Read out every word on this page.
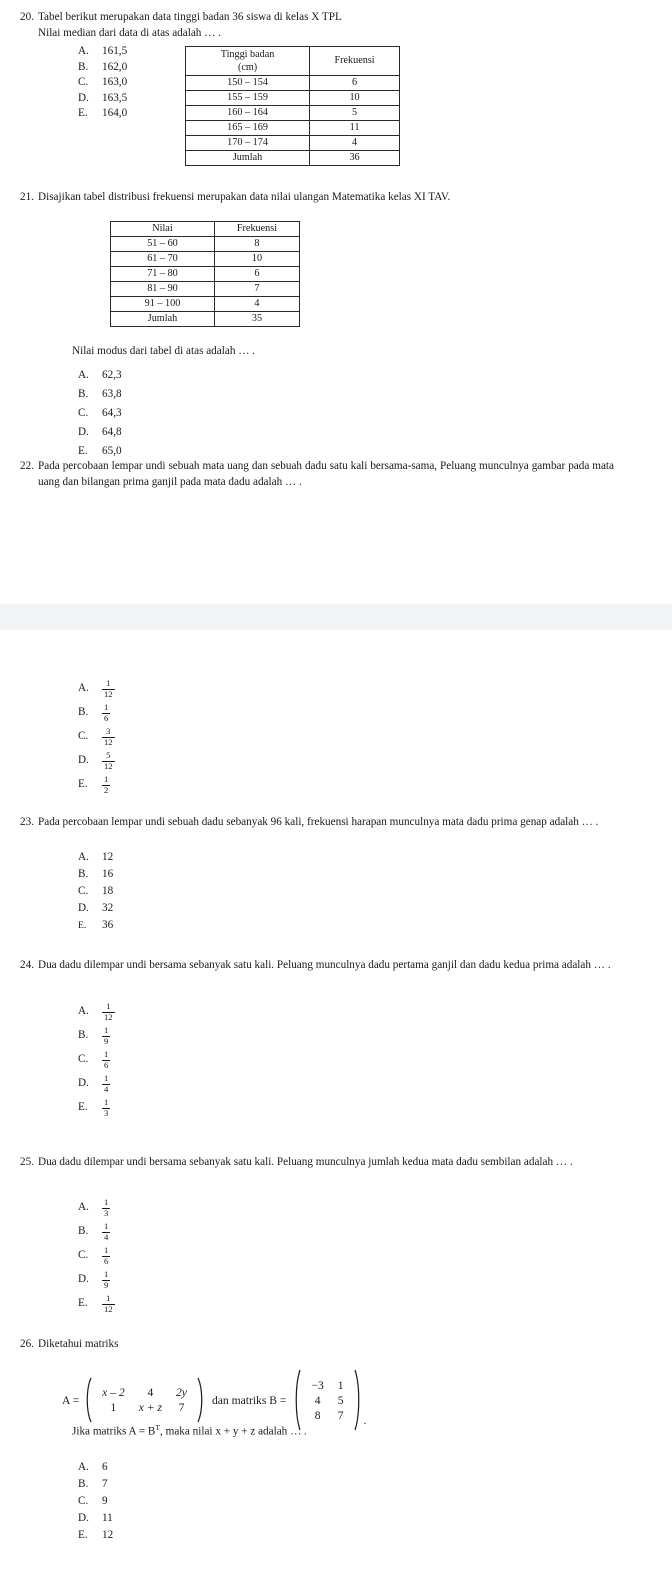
20. Tabel berikut merupakan data tinggi badan 36 siswa di kelas X TPL
Nilai median dari data di atas adalah … .
A.	161,5
B.	162,0
C.	163,0
D.	163,5
E.	164,0
Tinggi badan
(cm)	Frekuensi
150 – 154	6
155 – 159	10
160 – 164	5
165 – 169	11
170 – 174	4
Jumlah	36
21. Disajikan tabel distribusi frekuensi merupakan data nilai ulangan Matematika kelas XI TAV.
Nilai	Frekuensi
51 – 60	8
61 – 70	10
71 – 80	6
81 – 90	7
91 – 100	4
Jumlah	35
Nilai modus dari tabel di atas adalah … .
A.	62,3
B.	63,8
C.	64,3
D.	64,8
E.	65,0
22. Pada percobaan lempar undi sebuah mata uang dan sebuah dadu satu kali bersama-sama, Peluang munculnya gambar pada mata uang dan bilangan prima ganjil pada mata dadu adalah … .
A.	$\frac{1}{12}$
B.	$\frac{1}{6}$
C.	$\frac{3}{12}$
D.	$\frac{5}{12}$
E.	$\frac{1}{2}$
23. Pada percobaan lempar undi sebuah dadu sebanyak 96 kali, frekuensi harapan munculnya mata dadu prima genap adalah … .
A.	12
B.	16
C.	18
D.	32
E.	36
24. Dua dadu dilempar undi bersama sebanyak satu kali. Peluang munculnya dadu pertama ganjil dan dadu kedua prima adalah … .
A.	$\frac{1}{12}$
B.	$\frac{1}{9}$
C.	$\frac{1}{6}$
D.	$\frac{1}{4}$
E.	$\frac{1}{3}$
25. Dua dadu dilempar undi bersama sebanyak satu kali. Peluang munculnya jumlah kedua mata dadu sembilan adalah … .
A.	$\frac{1}{3}$
B.	$\frac{1}{4}$
C.	$\frac{1}{6}$
D.	$\frac{1}{9}$
E.	$\frac{1}{12}$
26. Diketahui matriks
A =
x – 2	4	2y
1	x + z	7
dan matriks B =
−3	1
4	5
8	7	.
Jika matriks $A = B^T$, maka nilai x + y + z adalah … .
A.	6
B.	7
C.	9
D.	11
E.	12
